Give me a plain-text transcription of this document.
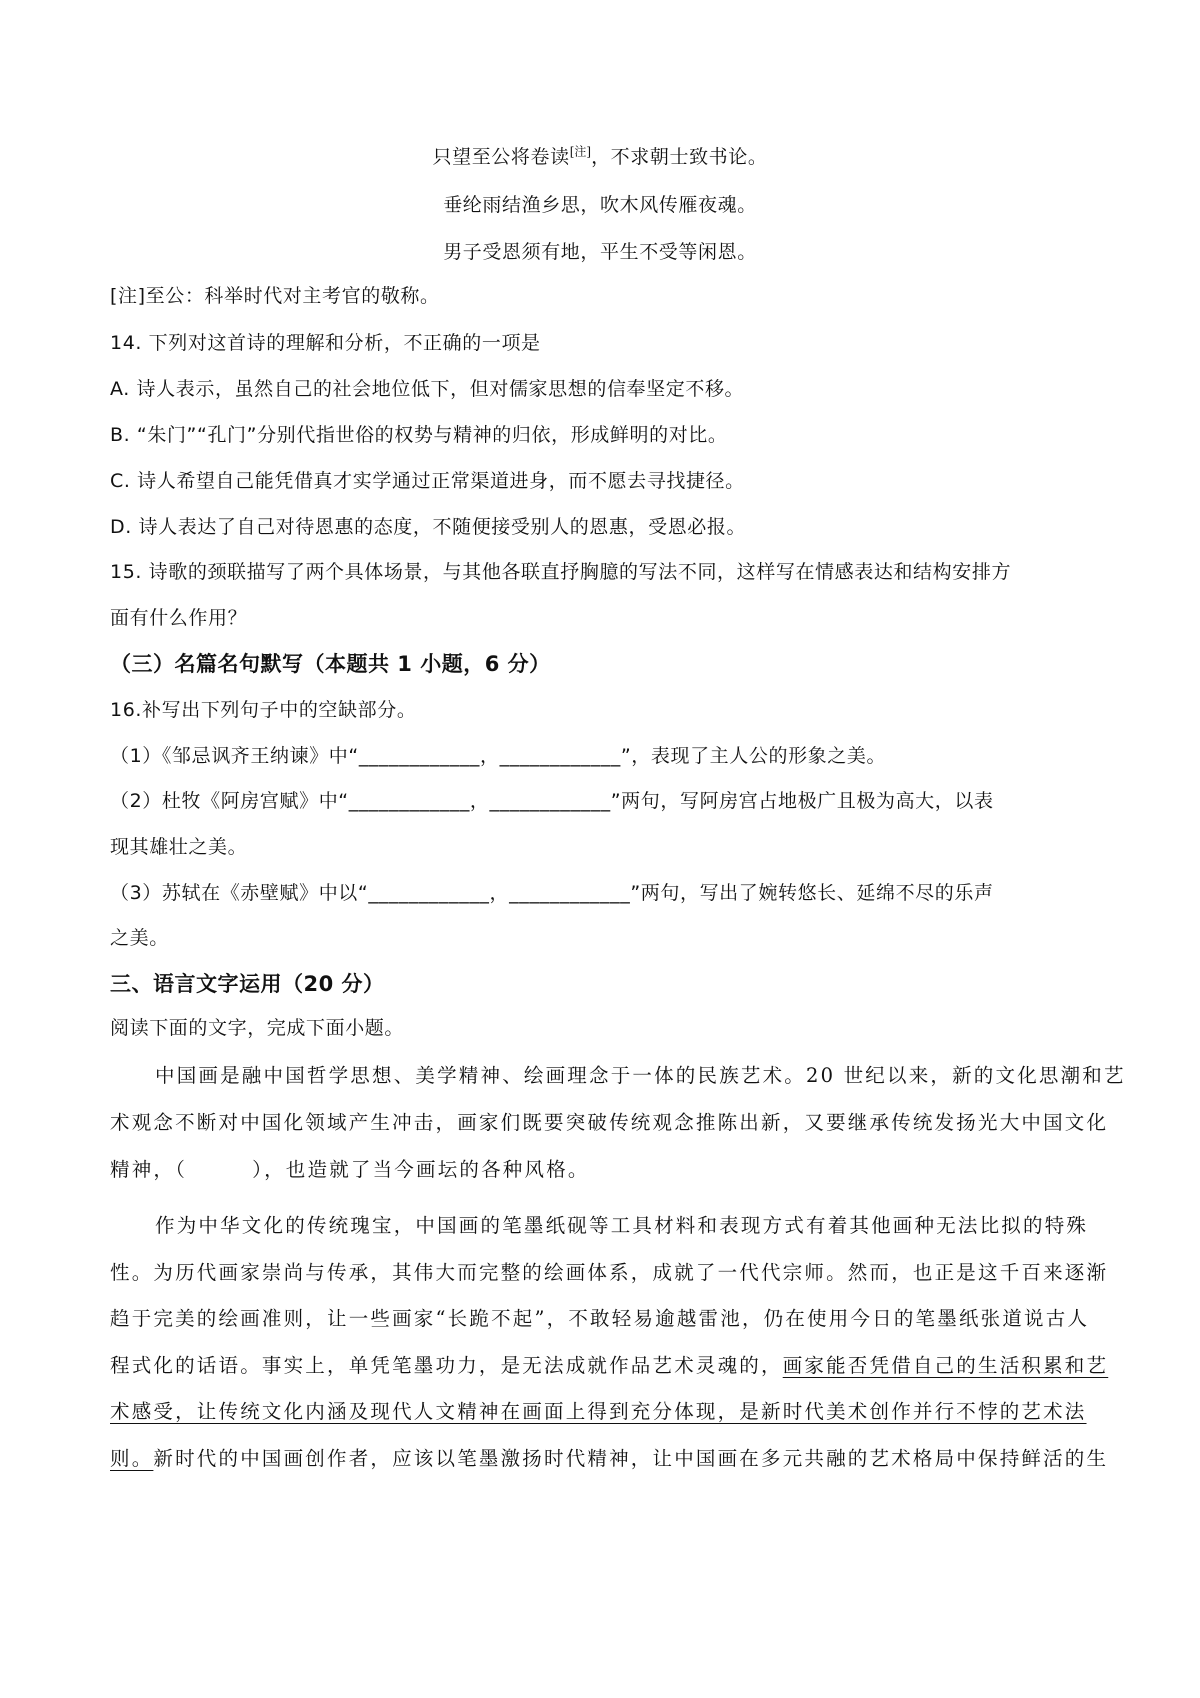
只望至公将卷读[注]，不求朝士致书论。
垂纶雨结渔乡思，吹木风传雁夜魂。
男子受恩须有地，平生不受等闲恩。
[注]至公：科举时代对主考官的敬称。
14. 下列对这首诗的理解和分析，不正确的一项是
A. 诗人表示，虽然自己的社会地位低下，但对儒家思想的信奉坚定不移。
B. “朱门”“孔门”分别代指世俗的权势与精神的归依，形成鲜明的对比。
C. 诗人希望自己能凭借真才实学通过正常渠道进身，而不愿去寻找捷径。
D. 诗人表达了自己对待恩惠的态度，不随便接受别人的恩惠，受恩必报。
15. 诗歌的颈联描写了两个具体场景，与其他各联直抒胸臆的写法不同，这样写在情感表达和结构安排方
面有什么作用？
（三）名篇名句默写（本题共 1 小题，6 分）
16.补写出下列句子中的空缺部分。
（1）《邹忌讽齐王纳谏》中“____________，____________”，表现了主人公的形象之美。
（2）杜牧《阿房宫赋》中“____________，____________”两句，写阿房宫占地极广且极为高大，以表
现其雄壮之美。
（3）苏轼在《赤壁赋》中以“____________，____________”两句，写出了婉转悠长、延绵不尽的乐声
之美。
三、语言文字运用（20 分）
阅读下面的文字，完成下面小题。
中国画是融中国哲学思想、美学精神、绘画理念于一体的民族艺术。20 世纪以来，新的文化思潮和艺
术观念不断对中国化领域产生冲击，画家们既要突破传统观念推陈出新，又要继承传统发扬光大中国文化
精神，（　　　），也造就了当今画坛的各种风格。
作为中华文化的传统瑰宝，中国画的笔墨纸砚等工具材料和表现方式有着其他画种无法比拟的特殊
性。为历代画家崇尚与传承，其伟大而完整的绘画体系，成就了一代代宗师。然而，也正是这千百来逐渐
趋于完美的绘画准则，让一些画家“长跪不起”，不敢轻易逾越雷池，仍在使用今日的笔墨纸张道说古人
程式化的话语。事实上，单凭笔墨功力，是无法成就作品艺术灵魂的，画家能否凭借自己的生活积累和艺
术感受，让传统文化内涵及现代人文精神在画面上得到充分体现，是新时代美术创作并行不悖的艺术法
则。新时代的中国画创作者，应该以笔墨激扬时代精神，让中国画在多元共融的艺术格局中保持鲜活的生
